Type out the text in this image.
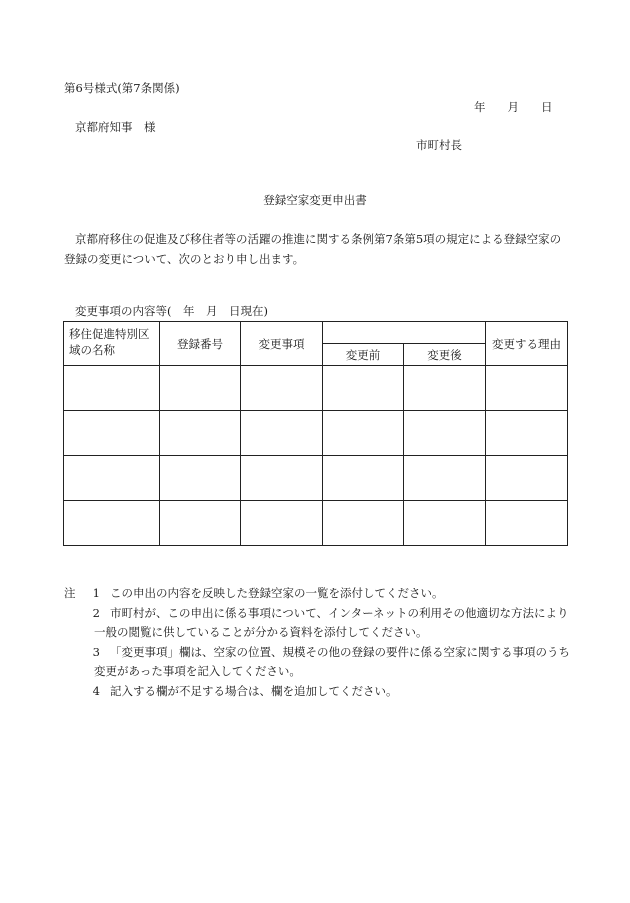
第6号様式(第7条関係)
年 月 日
京都府知事　様
市町村長
登録空家変更申出書
京都府移住の促進及び移住者等の活躍の推進に関する条例第7条第5項の規定による登録空家の登録の変更について、次のとおり申し出ます。
変更事項の内容等(　年　月　日現在)
移住促進特別区域の名称	登録番号	変更事項			変更する理由
			変更前	変更後	

注 1 この申出の内容を反映した登録空家の一覧を添付してください。
2 市町村が、この申出に係る事項について、インターネットの利用その他適切な方法により
一般の閲覧に供していることが分かる資料を添付してください。
3 「変更事項」欄は、空家の位置、規模その他の登録の要件に係る空家に関する事項のうち
変更があった事項を記入してください。
4 記入する欄が不足する場合は、欄を追加してください。
